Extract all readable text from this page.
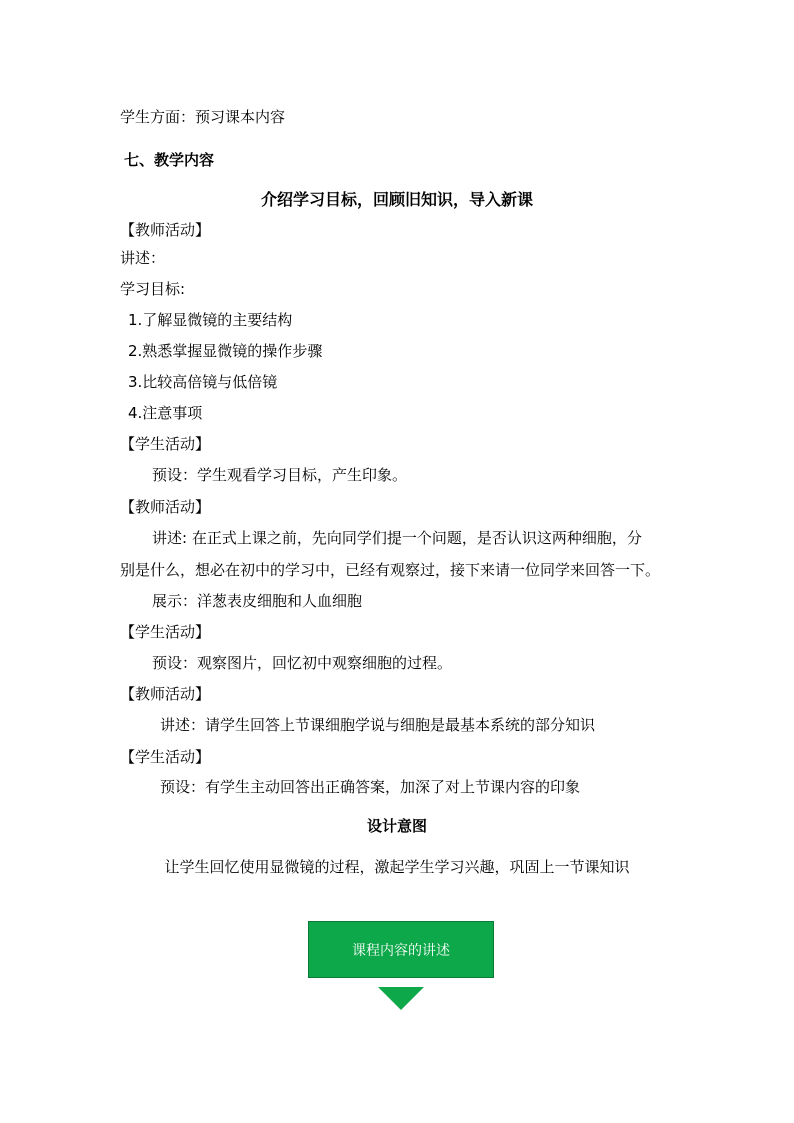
学生方面：预习课本内容
七、教学内容
介绍学习目标，回顾旧知识，导入新课
【教师活动】
讲述：
学习目标:
1.了解显微镜的主要结构
2.熟悉掌握显微镜的操作步骤
3.比较高倍镜与低倍镜
4.注意事项
【学生活动】
预设：学生观看学习目标，产生印象。
【教师活动】
讲述: 在正式上课之前，先向同学们提一个问题，是否认识这两种细胞，分
别是什么，想必在初中的学习中，已经有观察过，接下来请一位同学来回答一下。
展示：洋葱表皮细胞和人血细胞
【学生活动】
预设：观察图片，回忆初中观察细胞的过程。
【教师活动】
讲述：请学生回答上节课细胞学说与细胞是最基本系统的部分知识
【学生活动】
预设：有学生主动回答出正确答案，加深了对上节课内容的印象
设计意图
让学生回忆使用显微镜的过程，激起学生学习兴趣，巩固上一节课知识
课程内容的讲述
